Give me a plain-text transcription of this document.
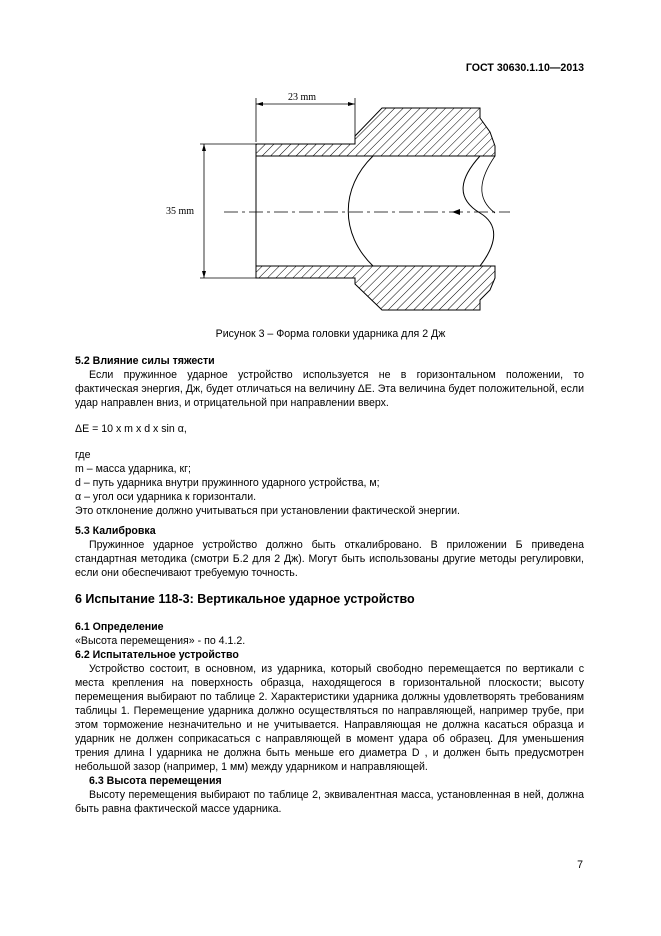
ГОСТ 30630.1.10—2013
23 mm
35 mm
Рисунок 3 – Форма головки ударника для 2 Дж
5.2 Влияние силы тяжести
Если пружинное ударное устройство используется не в горизонтальном положении, то фактическая энергия, Дж, будет отличаться на величину ΔE. Эта величина будет положительной, если удар направлен вниз, и отрицательной при направлении вверх.
ΔE = 10 x m x d x sin α,
где
m – масса ударника, кг;
d – путь ударника внутри пружинного ударного устройства, м;
α – угол оси ударника к горизонтали.
Это отклонение должно учитываться при установлении фактической энергии.
5.3 Калибровка
Пружинное ударное устройство должно быть откалибровано. В приложении Б приведена стандартная методика (смотри Б.2 для 2 Дж). Могут быть использованы другие методы регулировки, если они обеспечивают требуемую точность.
6 Испытание 118-3: Вертикальное ударное устройство
6.1 Определение
«Высота перемещения» - по 4.1.2.
6.2 Испытательное устройство
Устройство состоит, в основном, из ударника, который свободно перемещается по вертикали с места крепления на поверхность образца, находящегося в горизонтальной плоскости; высоту перемещения выбирают по таблице 2. Характеристики ударника должны удовлетворять требованиям таблицы 1. Перемещение ударника должно осуществляться по направляющей, например трубе, при этом торможение незначительно и не учитывается. Направляющая не должна касаться образца и ударник не должен соприкасаться с направляющей в момент удара об образец. Для уменьшения трения длина l ударника не должна быть меньше его диаметра D , и должен быть предусмотрен небольшой зазор (например, 1 мм) между ударником и направляющей.
6.3 Высота перемещения
Высоту перемещения выбирают по таблице 2, эквивалентная масса, установленная в ней, должна быть равна фактической массе ударника.
7
